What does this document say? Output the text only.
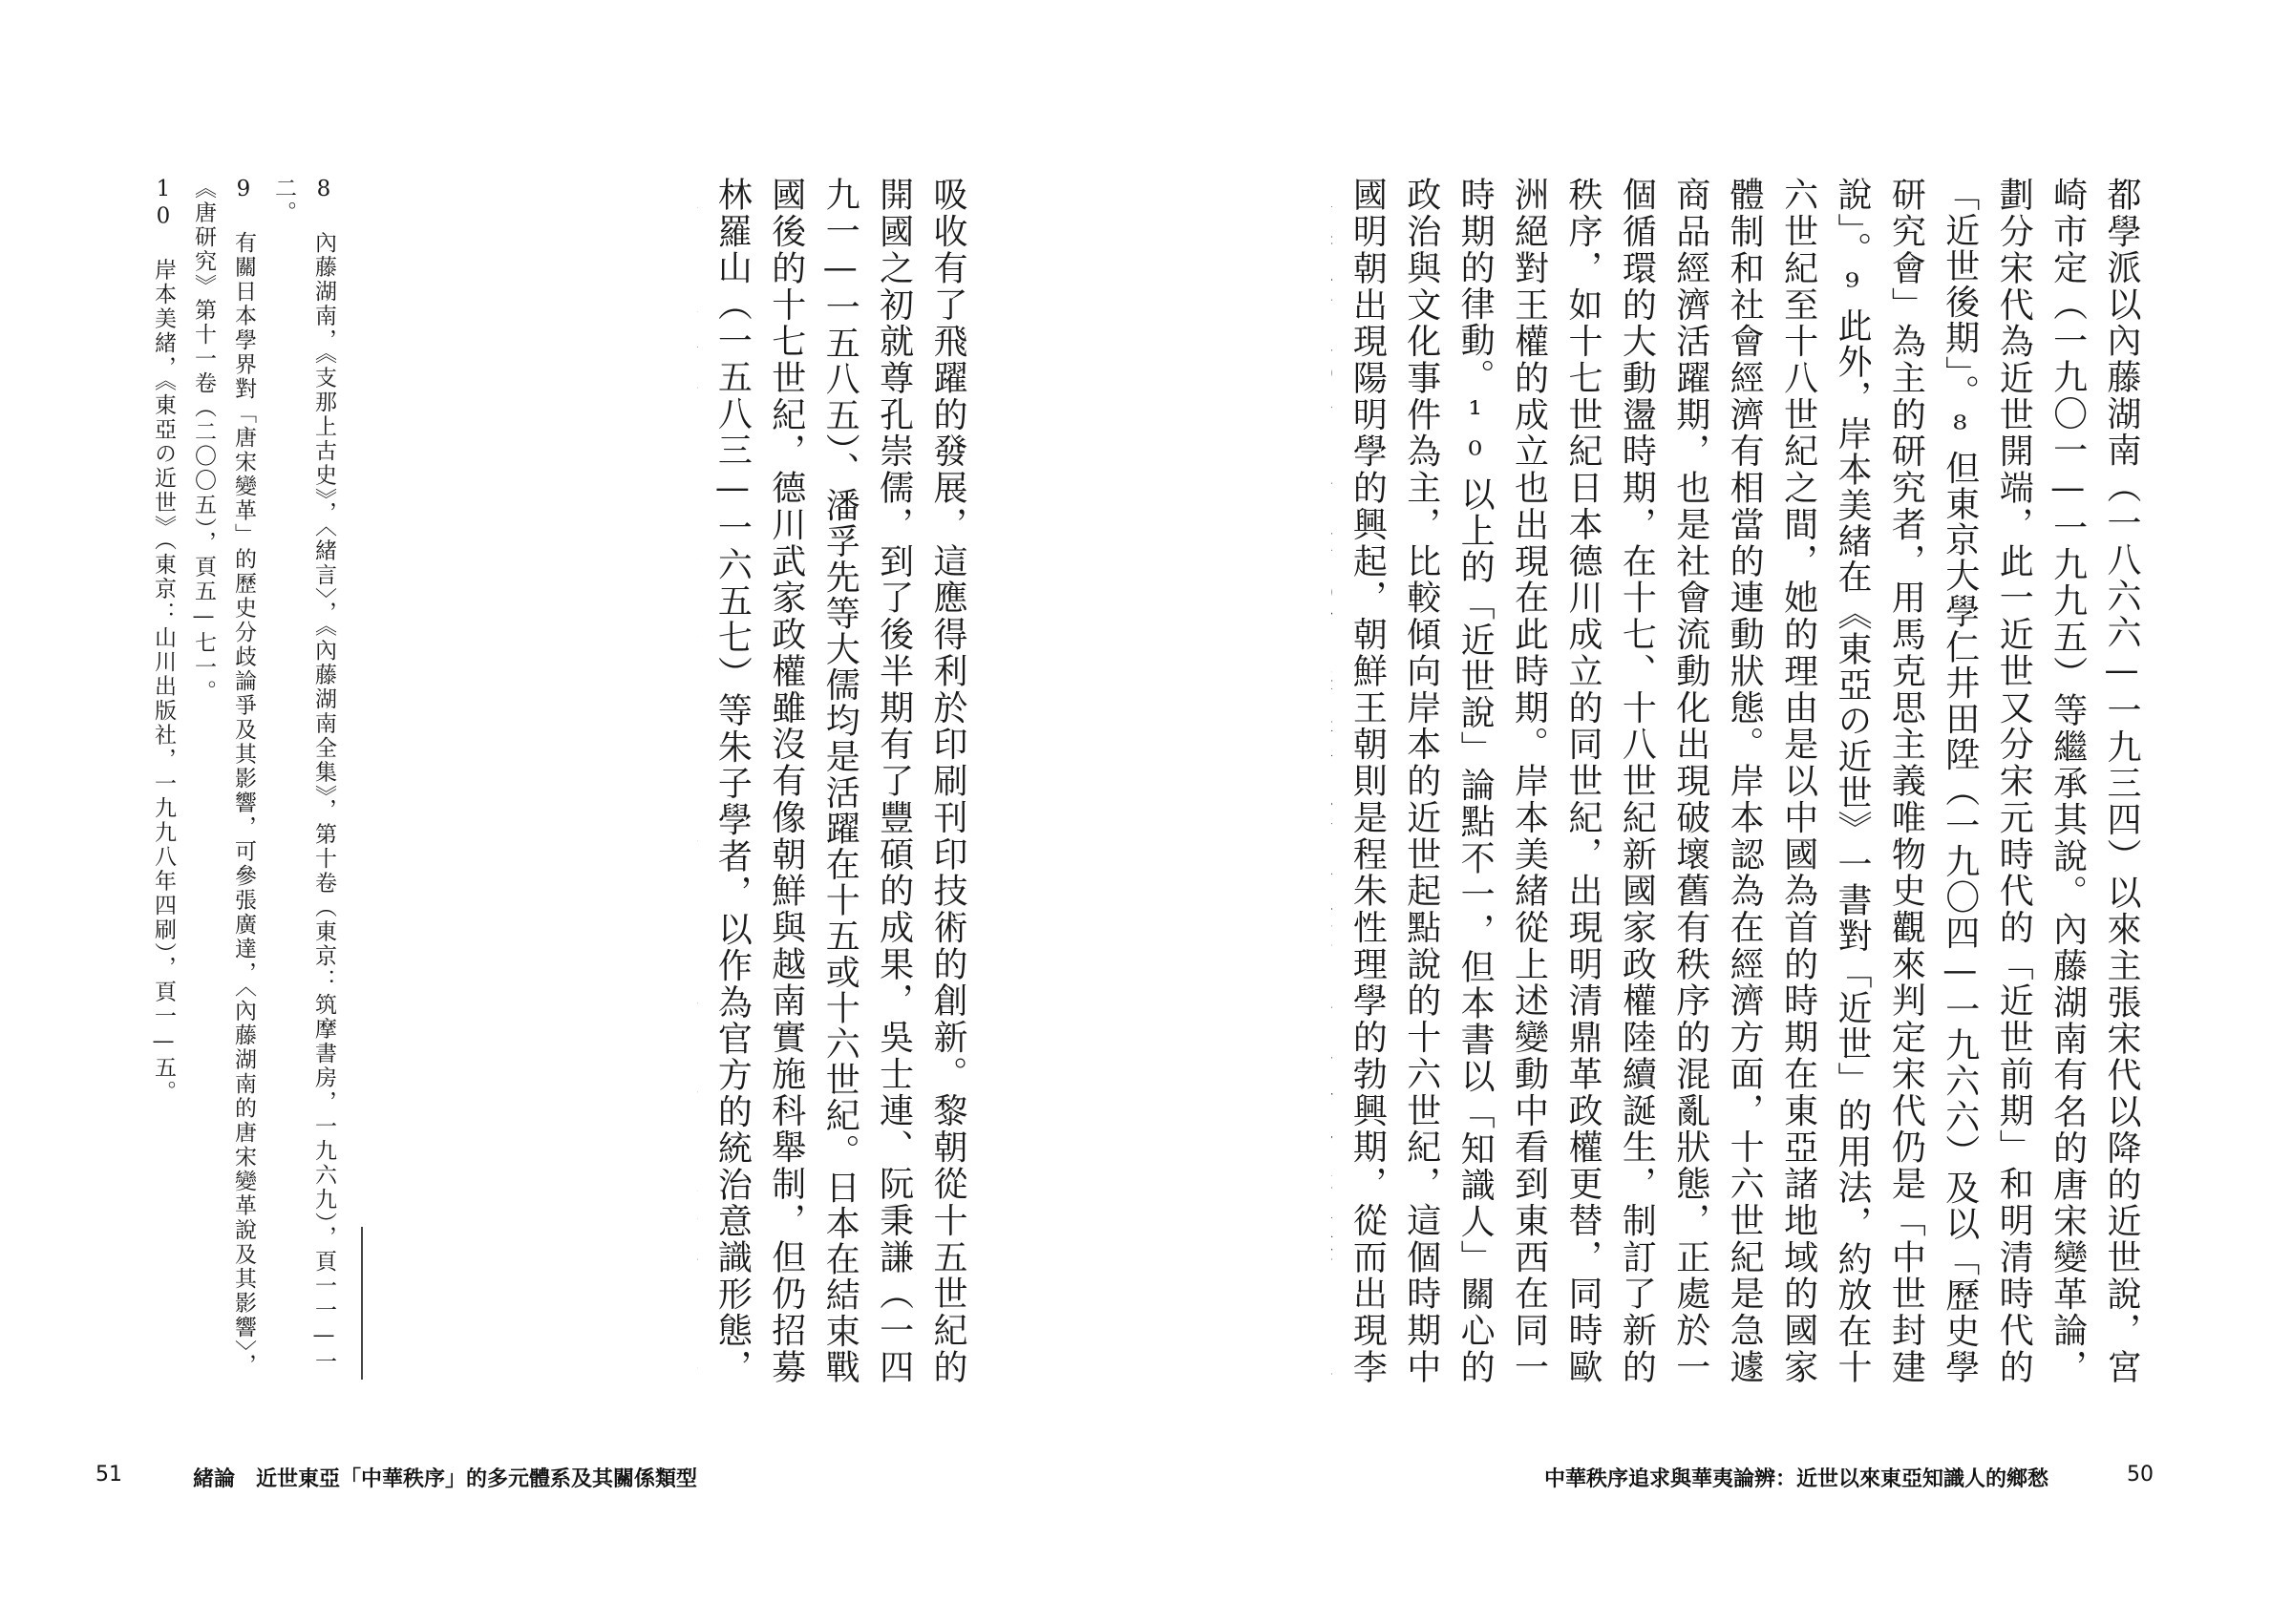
吸收有了飛躍的發展，這應得利於印刷刊印技術的創新。黎朝從十五世紀的開國之初就尊孔崇儒，到了後半期有了豐碩的成果，吳士連、阮秉謙（一四九一—一五八五）、潘孚先等大儒均是活躍在十五或十六世紀。日本在結束戰國後的十七世紀，德川武家政權雖沒有像朝鮮與越南實施科舉制，但仍招募林羅山（一五八三—一六五七）等朱子學者，以作為官方的統治意識形態，

8 內藤湖南，《支那上古史》，〈緒言〉，《內藤湖南全集》，第十卷（東京：筑摩書房，一九六九），頁一一—一二。

9 有關日本學界對「唐宋變革」的歷史分歧論爭及其影響，可參張廣達，〈內藤湖南的唐宋變革說及其影響〉，《唐研究》第十一卷（二〇〇五），頁五—七一。

10 岸本美緒，《東亞の近世》（東京：山川出版社，一九九八年四刷），頁一—五。

51	緒論　近世東亞「中華秩序」的多元體系及其關係類型

都學派以內藤湖南（一八六六—一九三四）以來主張宋代以降的近世說，宮崎市定（一九〇一—一九九五）等繼承其說。內藤湖南有名的唐宋變革論，劃分宋代為近世開端，此一近世又分宋元時代的「近世前期」和明清時代的「近世後期」。⁸但東京大學仁井田陞（一九〇四—一九六六）及以「歷史學研究會」為主的研究者，用馬克思主義唯物史觀來判定宋代仍是「中世封建說」。⁹此外，岸本美緒在《東亞の近世》一書對「近世」的用法，約放在十六世紀至十八世紀之間，她的理由是以中國為首的時期在東亞諸地域的國家體制和社會經濟有相當的連動狀態。岸本認為在經濟方面，十六世紀是急遽商品經濟活躍期，也是社會流動化出現破壞舊有秩序的混亂狀態，正處於一個循環的大動盪時期，在十七、十八世紀新國家政權陸續誕生，制訂了新的秩序，如十七世紀日本德川成立的同世紀，出現明清鼎革政權更替，同時歐洲絕對王權的成立也出現在此時期。岸本美緒從上述變動中看到東西在同一時期的律動。¹⁰以上的「近世說」論點不一，但本書以「知識人」關心的政治與文化事件為主，比較傾向岸本的近世起點說的十六世紀，這個時期中國明朝出現陽明學的興起，朝鮮王朝則是程朱性理學的勃興期，從而出現李

中華秩序追求與華夷論辨：近世以來東亞知識人的鄉愁	50
